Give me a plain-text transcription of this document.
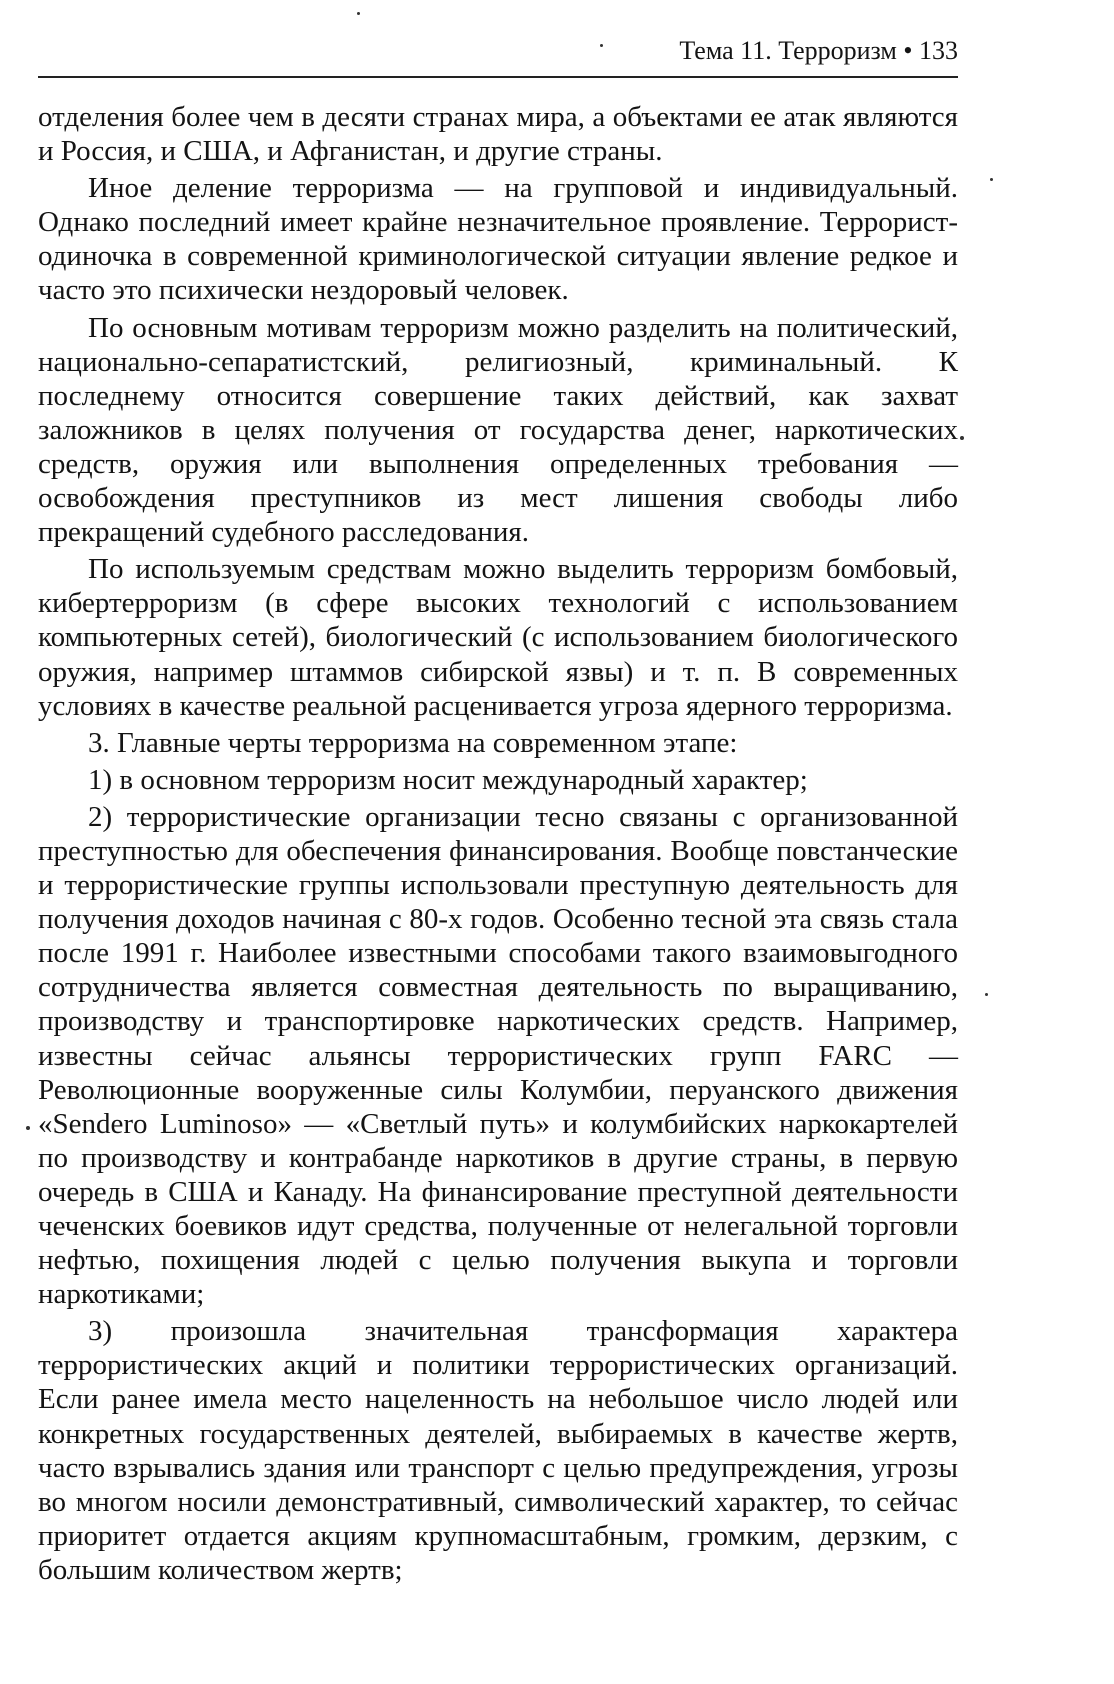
Тема 11. Терроризм • 133

отделения более чем в десяти странах мира, а объектами ее атак являются и Россия, и США, и Афганистан, и другие страны.

Иное деление терроризма — на групповой и индивидуальный. Однако последний имеет крайне незначительное проявление. Террорист-одиночка в современной криминологической ситуации явление редкое и часто это психически нездоровый человек.

По основным мотивам терроризм можно разделить на политический, национально-сепаратистский, религиозный, криминальный. К последнему относится совершение таких действий, как захват заложников в целях получения от государства денег, наркотических средств, оружия или выполнения определенных требования — освобождения преступников из мест лишения свободы либо прекращений судебного расследования.

По используемым средствам можно выделить терроризм бомбовый, кибертерроризм (в сфере высоких технологий с использованием компьютерных сетей), биологический (с использованием биологического оружия, например штаммов сибирской язвы) и т. п. В современных условиях в качестве реальной расценивается угроза ядерного терроризма.

3. Главные черты терроризма на современном этапе:

1) в основном терроризм носит международный характер;

2) террористические организации тесно связаны с организованной преступностью для обеспечения финансирования. Вообще повстанческие и террористические группы использовали преступную деятельность для получения доходов начиная с 80-х годов. Особенно тесной эта связь стала после 1991 г. Наиболее известными способами такого взаимовыгодного сотрудничества является совместная деятельность по выращиванию, производству и транспортировке наркотических средств. Например, известны сейчас альянсы террористических групп FARC — Революционные вооруженные силы Колумбии, перуанского движения «Sendero Luminoso» — «Светлый путь» и колумбийских наркокартелей по производству и контрабанде наркотиков в другие страны, в первую очередь в США и Канаду. На финансирование преступной деятельности чеченских боевиков идут средства, полученные от нелегальной торговли нефтью, похищения людей с целью получения выкупа и торговли наркотиками;

3) произошла значительная трансформация характера террористических акций и политики террористических организаций. Если ранее имела место нацеленность на небольшое число людей или конкретных государственных деятелей, выбираемых в качестве жертв, часто взрывались здания или транспорт с целью предупреждения, угрозы во многом носили демонстративный, символический характер, то сейчас приоритет отдается акциям крупномасштабным, громким, дерзким, с большим количеством жертв;
